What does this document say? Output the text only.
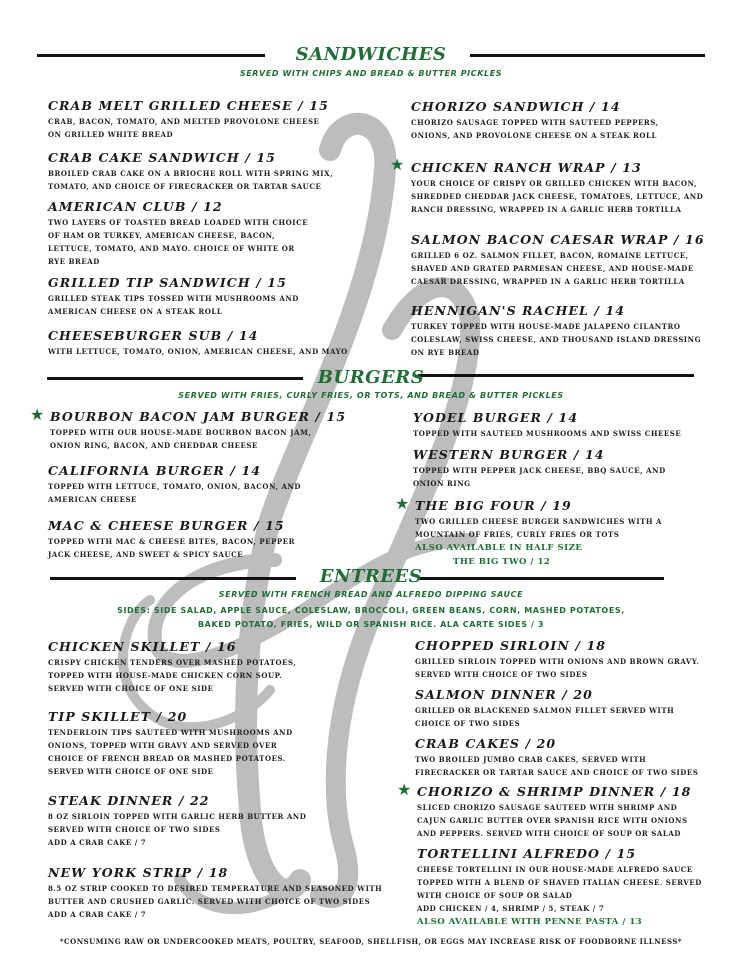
SANDWICHES
SERVED WITH CHIPS AND BREAD & BUTTER PICKLES
CRAB MELT GRILLED CHEESE / 15

CRAB, BACON, TOMATO, AND MELTED PROVOLONE CHEESE

ON GRILLED WHITE BREAD

CRAB CAKE SANDWICH / 15

BROILED CRAB CAKE ON A BRIOCHE ROLL WITH SPRING MIX,

TOMATO, AND CHOICE OF FIRECRACKER OR TARTAR SAUCE

AMERICAN CLUB / 12

TWO LAYERS OF TOASTED BREAD LOADED WITH CHOICE

OF HAM OR TURKEY, AMERICAN CHEESE, BACON,

LETTUCE, TOMATO, AND MAYO. CHOICE OF WHITE OR

RYE BREAD

GRILLED TIP SANDWICH / 15

GRILLED STEAK TIPS TOSSED WITH MUSHROOMS AND

AMERICAN CHEESE ON A STEAK ROLL

CHEESEBURGER SUB / 14

WITH LETTUCE, TOMATO, ONION, AMERICAN CHEESE, AND MAYO

CHORIZO SANDWICH / 14

CHORIZO SAUSAGE TOPPED WITH SAUTEED PEPPERS,

ONIONS, AND PROVOLONE CHEESE ON A STEAK ROLL

★ CHICKEN RANCH WRAP / 13

YOUR CHOICE OF CRISPY OR GRILLED CHICKEN WITH BACON,

SHREDDED CHEDDAR JACK CHEESE, TOMATOES, LETTUCE, AND

RANCH DRESSING, WRAPPED IN A GARLIC HERB TORTILLA

SALMON BACON CAESAR WRAP / 16

GRILLED 6 OZ. SALMON FILLET, BACON, ROMAINE LETTUCE,

SHAVED AND GRATED PARMESAN CHEESE, AND HOUSE-MADE

CAESAR DRESSING, WRAPPED IN A GARLIC HERB TORTILLA

HENNIGAN'S RACHEL / 14

TURKEY TOPPED WITH HOUSE-MADE JALAPENO CILANTRO

COLESLAW, SWISS CHEESE, AND THOUSAND ISLAND DRESSING

ON RYE BREAD

BURGERS
SERVED WITH FRIES, CURLY FRIES, OR TOTS, AND BREAD & BUTTER PICKLES
★ BOURBON BACON JAM BURGER / 15

TOPPED WITH OUR HOUSE-MADE BOURBON BACON JAM,

ONION RING, BACON, AND CHEDDAR CHEESE

CALIFORNIA BURGER / 14

TOPPED WITH LETTUCE, TOMATO, ONION, BACON, AND

AMERICAN CHEESE

MAC & CHEESE BURGER / 15

TOPPED WITH MAC & CHEESE BITES, BACON, PEPPER

JACK CHEESE, AND SWEET & SPICY SAUCE

YODEL BURGER / 14

TOPPED WITH SAUTEED MUSHROOMS AND SWISS CHEESE

WESTERN BURGER / 14

TOPPED WITH PEPPER JACK CHEESE, BBQ SAUCE, AND

ONION RING

★ THE BIG FOUR / 19

TWO GRILLED CHEESE BURGER SANDWICHES WITH A

MOUNTAIN OF FRIES, CURLY FRIES OR TOTS

ALSO AVAILABLE IN HALF SIZE

THE BIG TWO / 12

ENTREES
SERVED WITH FRENCH BREAD AND ALFREDO DIPPING SAUCE
SIDES: SIDE SALAD, APPLE SAUCE, COLESLAW, BROCCOLI, GREEN BEANS, CORN, MASHED POTATOES,
BAKED POTATO, FRIES, WILD OR SPANISH RICE. ALA CARTE SIDES / 3
CHICKEN SKILLET / 16

CRISPY CHICKEN TENDERS OVER MASHED POTATOES,

TOPPED WITH HOUSE-MADE CHICKEN CORN SOUP.

SERVED WITH CHOICE OF ONE SIDE

TIP SKILLET / 20

TENDERLOIN TIPS SAUTEED WITH MUSHROOMS AND

ONIONS, TOPPED WITH GRAVY AND SERVED OVER

CHOICE OF FRENCH BREAD OR MASHED POTATOES.

SERVED WITH CHOICE OF ONE SIDE

STEAK DINNER / 22

8 OZ SIRLOIN TOPPED WITH GARLIC HERB BUTTER AND

SERVED WITH CHOICE OF TWO SIDES

ADD A CRAB CAKE / 7

NEW YORK STRIP / 18

8.5 OZ STRIP COOKED TO DESIRED TEMPERATURE AND SEASONED WITH

BUTTER AND CRUSHED GARLIC. SERVED WITH CHOICE OF TWO SIDES

ADD A CRAB CAKE / 7

CHOPPED SIRLOIN / 18

GRILLED SIRLOIN TOPPED WITH ONIONS AND BROWN GRAVY.

SERVED WITH CHOICE OF TWO SIDES

SALMON DINNER / 20

GRILLED OR BLACKENED SALMON FILLET SERVED WITH

CHOICE OF TWO SIDES

CRAB CAKES / 20

TWO BROILED JUMBO CRAB CAKES, SERVED WITH

FIRECRACKER OR TARTAR SAUCE AND CHOICE OF TWO SIDES

★ CHORIZO & SHRIMP DINNER / 18

SLICED CHORIZO SAUSAGE SAUTEED WITH SHRIMP AND

CAJUN GARLIC BUTTER OVER SPANISH RICE WITH ONIONS

AND PEPPERS. SERVED WITH CHOICE OF SOUP OR SALAD

TORTELLINI ALFREDO / 15

CHEESE TORTELLINI IN OUR HOUSE-MADE ALFREDO SAUCE

TOPPED WITH A BLEND OF SHAVED ITALIAN CHEESE. SERVED

WITH CHOICE OF SOUP OR SALAD

ADD CHICKEN / 4, SHRIMP / 5, STEAK / 7

ALSO AVAILABLE WITH PENNE PASTA / 13

*CONSUMING RAW OR UNDERCOOKED MEATS, POULTRY, SEAFOOD, SHELLFISH, OR EGGS MAY INCREASE RISK OF FOODBORNE ILLNESS*
